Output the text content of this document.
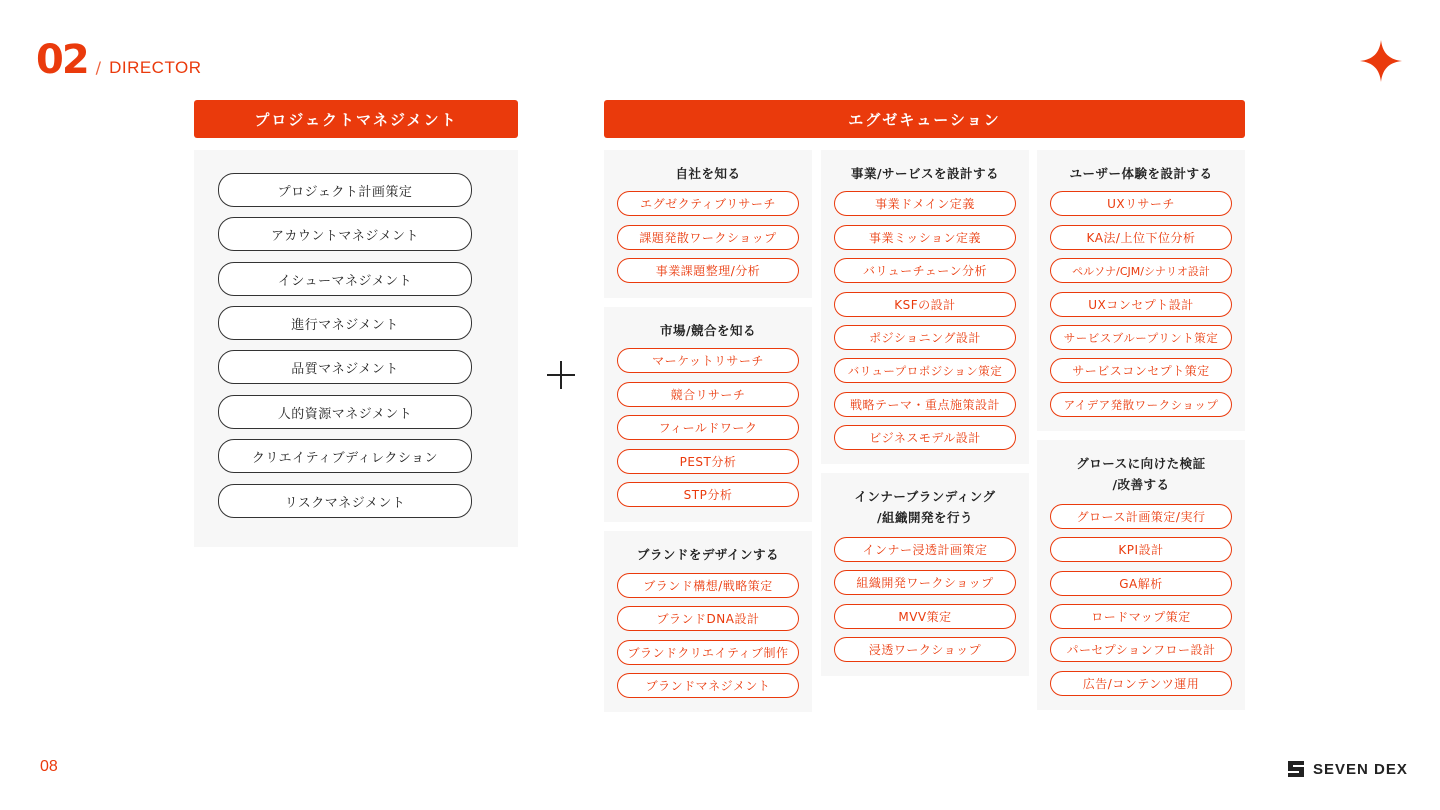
02 / DIRECTOR
プロジェクトマネジメント
プロジェクト計画策定
アカウントマネジメント
イシューマネジメント
進行マネジメント
品質マネジメント
人的資源マネジメント
クリエイティブディレクション
リスクマネジメント
エグゼキューション
自社を知る
エグゼクティブリサーチ
課題発散ワークショップ
事業課題整理/分析
市場/競合を知る
マーケットリサーチ
競合リサーチ
フィールドワーク
PEST分析
STP分析
ブランドをデザインする
ブランド構想/戦略策定
ブランドDNA設計
ブランドクリエイティブ制作
ブランドマネジメント
事業/サービスを設計する
事業ドメイン定義
事業ミッション定義
バリューチェーン分析
KSFの設計
ポジショニング設計
バリュープロポジション策定
戦略テーマ・重点施策設計
ビジネスモデル設計
インナーブランディング
/組織開発を行う
インナー浸透計画策定
組織開発ワークショップ
MVV策定
浸透ワークショップ
ユーザー体験を設計する
UXリサーチ
KA法/上位下位分析
ペルソナ/CJM/シナリオ設計
UXコンセプト設計
サービスブループリント策定
サービスコンセプト策定
アイデア発散ワークショップ
グロースに向けた検証
/改善する
グロース計画策定/実行
KPI設計
GA解析
ロードマップ策定
パーセプションフロー設計
広告/コンテンツ運用
08	SEVEN DEX
